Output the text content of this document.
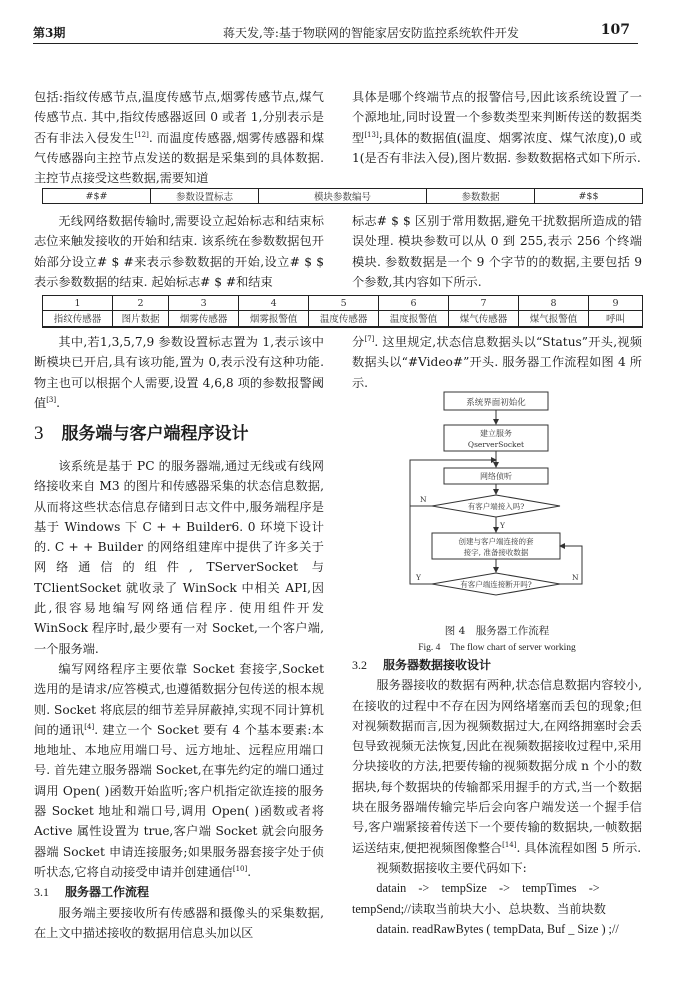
第3期	蒋天发,等:基于物联网的智能家居安防监控系统软件开发	107

包括:指纹传感节点,温度传感节点,烟雾传感节点,煤气传感节点. 其中,指纹传感器返回 0 或者 1,分别表示是否有非法入侵发生[12]. 而温度传感器,烟雾传感器和煤气传感器向主控节点发送的数据是采集到的具体数据. 主控节点接受这些数据,需要知道

具体是哪个终端节点的报警信号,因此该系统设置了一个源地址,同时设置一个参数类型来判断传送的数据类型[13];具体的数据值(温度、烟雾浓度、煤气浓度),0 或 1(是否有非法入侵),图片数据. 参数数据格式如下所示.

#$#	参数设置标志	模块参数编号	参数数据	#$$

无线网络数据传输时,需要设立起始标志和结束标志位来触发接收的开始和结束. 该系统在参数数据包开始部分设立# $ #来表示参数数据的开始,设立# $ $ 表示参数数据的结束. 起始标志# $ #和结束

标志# $ $ 区别于常用数据,避免干扰数据所造成的错误处理. 模块参数可以从 0 到 255,表示 256 个终端模块. 参数数据是一个 9 个字节的的数据,主要包括 9 个参数,其内容如下所示.

1	2	3	4	5	6	7	8	9
指纹传感器	图片数据	烟雾传感器	烟雾报警值	温度传感器	温度报警值	煤气传感器	煤气报警值	呼叫

其中,若1,3,5,7,9 参数设置标志置为 1,表示该中断模块已开启,具有该功能,置为 0,表示没有这种功能. 物主也可以根据个人需要,设置 4,6,8 项的参数报警阈值[3].

分[7]. 这里规定,状态信息数据头以“Status”开头,视频数据头以“#Video#”开头. 服务器工作流程如图 4 所示.

3 服务端与客户端程序设计

该系统是基于 PC 的服务器端,通过无线或有线网络接收来自 M3 的图片和传感器采集的状态信息数据,从而将这些状态信息存储到日志文件中,服务端程序是基于 Windows 下 C + + Builder6. 0 环境下设计的. C + + Builder 的网络组建库中提供了许多关于网络通信的组件, TServerSocket 与 TClientSocket 就收录了 WinSock 中相关 API,因此,很容易地编写网络通信程序. 使用组件开发 WinSock 程序时,最少要有一对 Socket,一个客户端,一个服务端.

编写网络程序主要依靠 Socket 套接字,Socket 选用的是请求/应答模式,也遵循数据分包传送的根本规则. Socket 将底层的细节差异屏蔽掉,实现不同计算机间的通讯[4]. 建立一个 Socket 要有 4 个基本要素:本地地址、本地应用端口号、远方地址、远程应用端口号. 首先建立服务器端 Socket,在事先约定的端口通过调用 Open( )函数开始监听;客户机指定欲连接的服务器 Socket 地址和端口号,调用 Open( )函数或者将 Active 属性设置为 true,客户端 Socket 就会向服务器端 Socket 申请连接服务;如果服务器套接字处于侦听状态,它将自动接受申请并创建通信[10].

3.1 服务器工作流程

服务端主要接收所有传感器和摄像头的采集数据,在上文中描述接收的数据用信息头加以区

系统界面初始化
建立服务
QserverSocket
网络侦听
有客户端接入吗?
N
Y
创建与客户端连接的套
接字, 准备接收数据
有客户端连接断开吗?
Y	N
图 4　服务器工作流程
Fig. 4　The flow chart of server working

3.2 服务器数据接收设计

服务器接收的数据有两种,状态信息数据内容较小,在接收的过程中不存在因为网络堵塞而丢包的现象;但对视频数据而言,因为视频数据过大,在网络拥塞时会丢包导致视频无法恢复,因此在视频数据接收过程中,采用分块接收的方法,把要传输的视频数据分成 n 个小的数据块,每个数据块的传输都采用握手的方式,当一个数据块在服务器端传输完毕后会向客户端发送一个握手信号,客户端紧接着传送下一个要传输的数据块,一帧数据运送结束,便把视频图像整合[14]. 具体流程如图 5 所示.

视频数据接收主要代码如下:

datain　->　tempSize　->　tempTimes　->

tempSend;//读取当前块大小、总块数、当前块数

datain. readRawBytes ( tempData, Buf _ Size ) ;//
